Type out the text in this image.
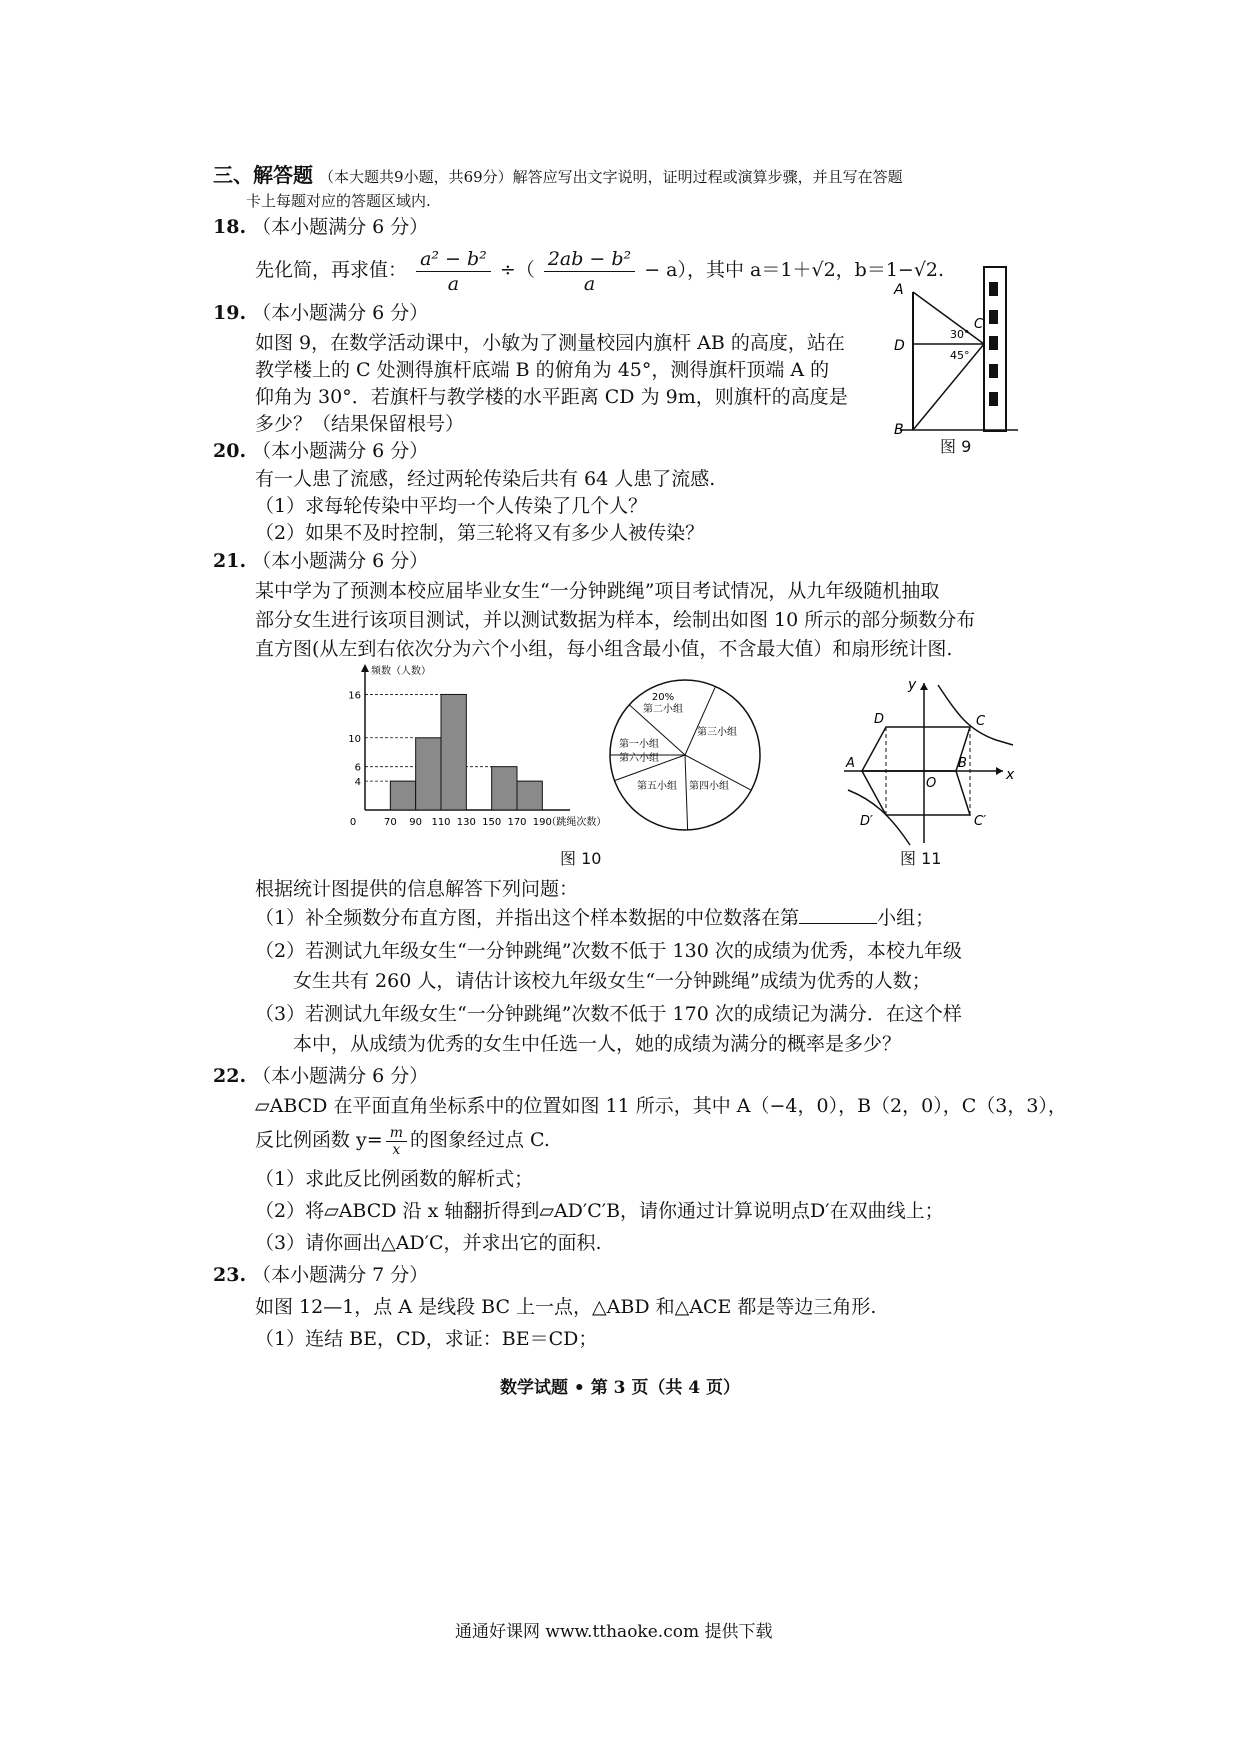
三、解答题 （本大题共9小题，共69分）解答应写出文字说明，证明过程或演算步骤，并且写在答题
卡上每题对应的答题区域内.
18. （本小题满分 6 分）
先化简，再求值： $\frac{\text{a² − b²}}{a}$ ÷（ $\frac{\text{2ab − b²}}{a} - a$），其中 a＝1＋√2，b＝1−√2.
19. （本小题满分 6 分）
如图 9，在数学活动课中，小敏为了测量校园内旗杆 AB 的高度，站在
教学楼上的 C 处测得旗杆底端 B 的俯角为 45°，测得旗杆顶端 A 的
仰角为 30°．若旗杆与教学楼的水平距离 CD 为 9m，则旗杆的高度是
多少？（结果保留根号）
A
D
B
C
30°
45°
图 9
20. （本小题满分 6 分）
有一人患了流感，经过两轮传染后共有 64 人患了流感.
（1）求每轮传染中平均一个人传染了几个人？
（2）如果不及时控制，第三轮将又有多少人被传染？
21. （本小题满分 6 分）
某中学为了预测本校应届毕业女生“一分钟跳绳”项目考试情况，从九年级随机抽取
部分女生进行该项目测试，并以测试数据为样本，绘制出如图 10 所示的部分频数分布
直方图(从左到右依次分为六个小组，每小组含最小值，不含最大值）和扇形统计图.
频数（人数）
4
6
10
16
0	70 90 110 130 150 170 190
（跳绳次数）
图 10
第二小组
20%
第三小组
第四小组
第五小组
第六小组
第一小组
y
x
O
A	B
C
D
C′
D′
图 11
根据统计图提供的信息解答下列问题：
（1）补全频数分布直方图，并指出这个样本数据的中位数落在第	小组；
（2）若测试九年级女生“一分钟跳绳”次数不低于 130 次的成绩为优秀，本校九年级
女生共有 260 人，请估计该校九年级女生“一分钟跳绳”成绩为优秀的人数；
（3）若测试九年级女生“一分钟跳绳”次数不低于 170 次的成绩记为满分．在这个样
本中，从成绩为优秀的女生中任选一人，她的成绩为满分的概率是多少？
22. （本小题满分 6 分）
▱ABCD 在平面直角坐标系中的位置如图 11 所示，其中 A（−4，0），B（2，0），C（3，3），
反比例函数 $y= \frac{m}{x}$ 的图象经过点 C.
（1）求此反比例函数的解析式；
（2）将▱ABCD 沿 x 轴翻折得到▱AD′C′B，请你通过计算说明点D′在双曲线上；
（3）请你画出△AD′C，并求出它的面积.
23. （本小题满分 7 分）
如图 12—1，点 A 是线段 BC 上一点，△ABD 和△ACE 都是等边三角形.
（1）连结 BE，CD，求证：BE＝CD；
数学试题 • 第 3 页（共 4 页）
通通好课网 www.tthaoke.com 提供下载
